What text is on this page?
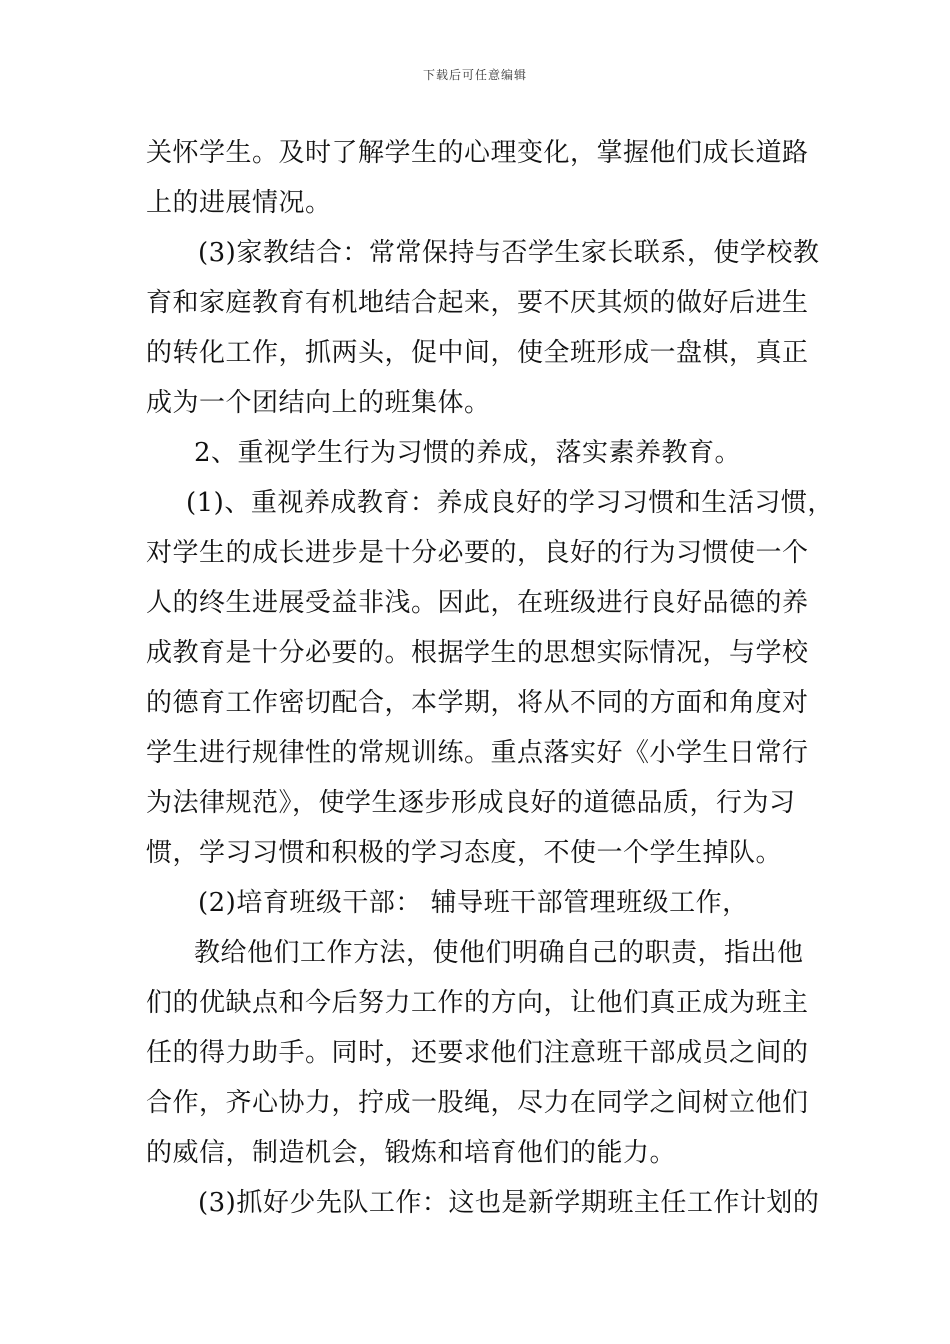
下载后可任意编辑
关怀学生。及时了解学生的心理变化，掌握他们成长道路
上的进展情况。
(3)家教结合：常常保持与否学生家长联系，使学校教
育和家庭教育有机地结合起来，要不厌其烦的做好后进生
的转化工作，抓两头，促中间，使全班形成一盘棋，真正
成为一个团结向上的班集体。
2、重视学生行为习惯的养成，落实素养教育。
(1)、重视养成教育：养成良好的学习习惯和生活习惯，
对学生的成长进步是十分必要的，良好的行为习惯使一个
人的终生进展受益非浅。因此，在班级进行良好品德的养
成教育是十分必要的。根据学生的思想实际情况，与学校
的德育工作密切配合，本学期，将从不同的方面和角度对
学生进行规律性的常规训练。重点落实好《小学生日常行
为法律规范》，使学生逐步形成良好的道德品质，行为习
惯，学习习惯和积极的学习态度，不使一个学生掉队。
(2)培育班级干部： 辅导班干部管理班级工作，
教给他们工作方法，使他们明确自己的职责，指出他
们的优缺点和今后努力工作的方向，让他们真正成为班主
任的得力助手。同时，还要求他们注意班干部成员之间的
合作，齐心协力，拧成一股绳，尽力在同学之间树立他们
的威信，制造机会，锻炼和培育他们的能力。
(3)抓好少先队工作：这也是新学期班主任工作计划的
